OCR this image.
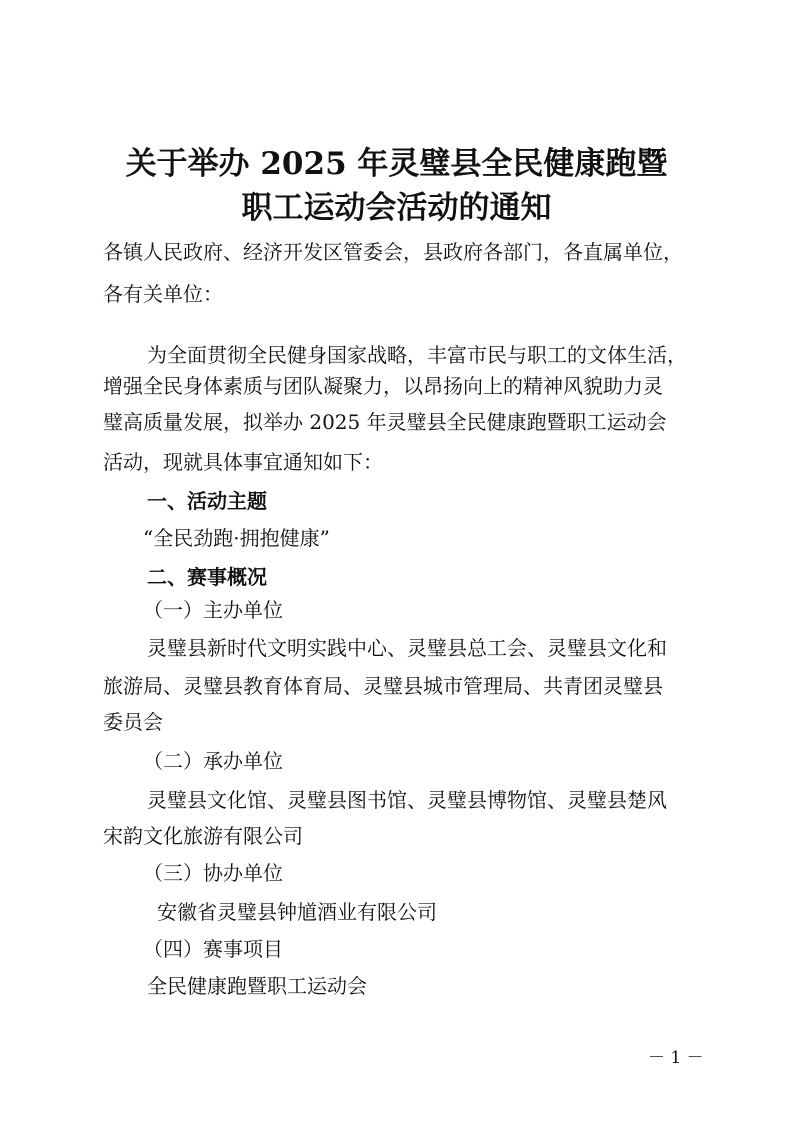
关于举办 2025 年灵璧县全民健康跑暨
职工运动会活动的通知
各镇人民政府、经济开发区管委会，县政府各部门，各直属单位，
各有关单位：
为全面贯彻全民健身国家战略，丰富市民与职工的文体生活，
增强全民身体素质与团队凝聚力，以昂扬向上的精神风貌助力灵
璧高质量发展，拟举办 2025 年灵璧县全民健康跑暨职工运动会
活动，现就具体事宜通知如下：
一、活动主题
“全民劲跑·拥抱健康”
二、赛事概况
（一）主办单位
灵璧县新时代文明实践中心、灵璧县总工会、灵璧县文化和
旅游局、灵璧县教育体育局、灵璧县城市管理局、共青团灵璧县
委员会
（二）承办单位
灵璧县文化馆、灵璧县图书馆、灵璧县博物馆、灵璧县楚风
宋韵文化旅游有限公司
（三）协办单位
安徽省灵璧县钟馗酒业有限公司
（四）赛事项目
全民健康跑暨职工运动会
－ 1 －
